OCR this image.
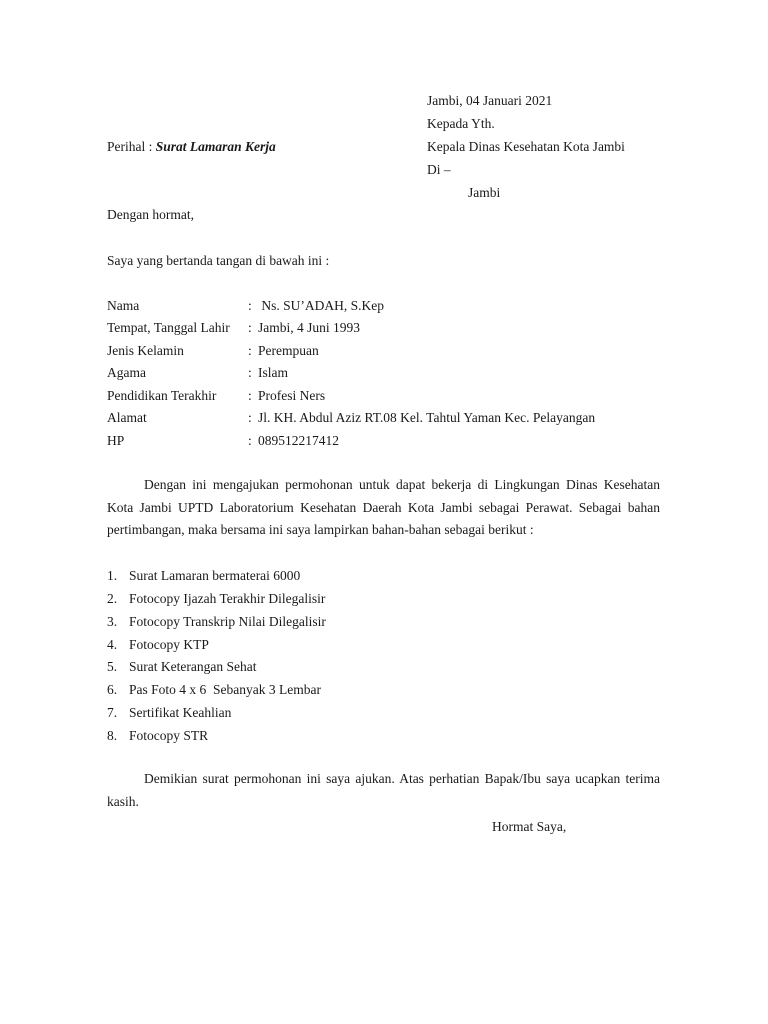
Jambi, 04 Januari 2021
Kepada Yth.
Kepala Dinas Kesehatan Kota Jambi
Di –
Jambi
Perihal : Surat Lamaran Kerja
Dengan hormat,
Saya yang bertanda tangan di bawah ini :
Nama	: Ns. SU’ADAH, S.Kep
Tempat, Tanggal Lahir : Jambi, 4 Juni 1993
Jenis Kelamin	: Perempuan
Agama	: Islam
Pendidikan Terakhir : Profesi Ners
Alamat	: Jl. KH. Abdul Aziz RT.08 Kel. Tahtul Yaman Kec. Pelayangan
HP	: 089512217412
Dengan ini mengajukan permohonan untuk dapat bekerja di Lingkungan Dinas Kesehatan Kota Jambi UPTD Laboratorium Kesehatan Daerah Kota Jambi sebagai Perawat. Sebagai bahan pertimbangan, maka bersama ini saya lampirkan bahan-bahan sebagai berikut :
1. Surat Lamaran bermaterai 6000
2. Fotocopy Ijazah Terakhir Dilegalisir
3. Fotocopy Transkrip Nilai Dilegalisir
4. Fotocopy KTP
5. Surat Keterangan Sehat
6. Pas Foto 4 x 6  Sebanyak 3 Lembar
7. Sertifikat Keahlian
8. Fotocopy STR
Demikian surat permohonan ini saya ajukan. Atas perhatian Bapak/Ibu saya ucapkan terima kasih.
Hormat Saya,
